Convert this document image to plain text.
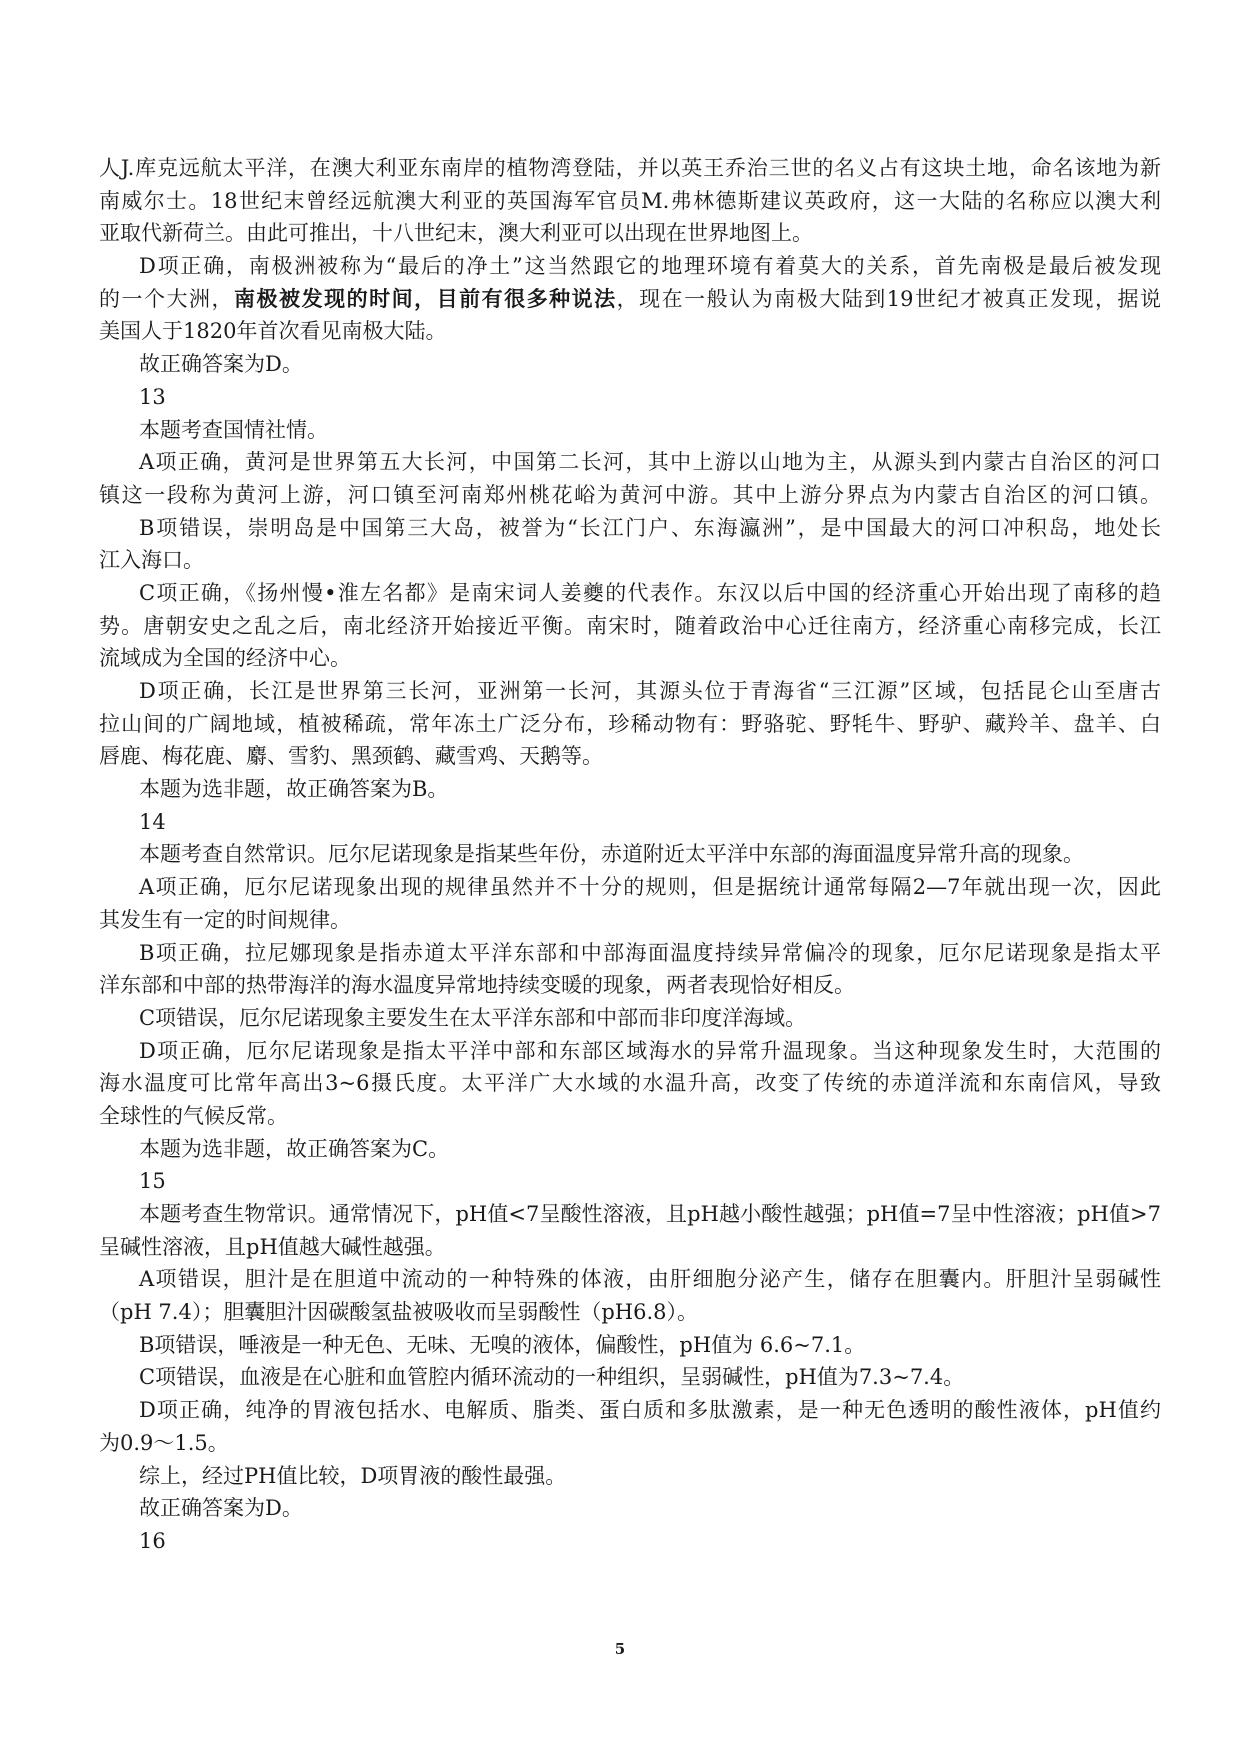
人J.库克远航太平洋，在澳大利亚东南岸的植物湾登陆，并以英王乔治三世的名义占有这块土地，命名该地为新
南威尔士。18世纪末曾经远航澳大利亚的英国海军官员M.弗林德斯建议英政府，这一大陆的名称应以澳大利
亚取代新荷兰。由此可推出，十八世纪末，澳大利亚可以出现在世界地图上。
D项正确，南极洲被称为“最后的净土”这当然跟它的地理环境有着莫大的关系，首先南极是最后被发现
的一个大洲，南极被发现的时间，目前有很多种说法，现在一般认为南极大陆到19世纪才被真正发现，据说
美国人于1820年首次看见南极大陆。
故正确答案为D。
13
本题考查国情社情。
A项正确，黄河是世界第五大长河，中国第二长河，其中上游以山地为主，从源头到内蒙古自治区的河口
镇这一段称为黄河上游，河口镇至河南郑州桃花峪为黄河中游。其中上游分界点为内蒙古自治区的河口镇。
B项错误，崇明岛是中国第三大岛，被誉为“长江门户、东海瀛洲”，是中国最大的河口冲积岛，地处长
江入海口。
C项正确，《扬州慢•淮左名都》是南宋词人姜夔的代表作。东汉以后中国的经济重心开始出现了南移的趋
势。唐朝安史之乱之后，南北经济开始接近平衡。南宋时，随着政治中心迁往南方，经济重心南移完成，长江
流域成为全国的经济中心。
D项正确，长江是世界第三长河，亚洲第一长河，其源头位于青海省“三江源”区域，包括昆仑山至唐古
拉山间的广阔地域，植被稀疏，常年冻土广泛分布，珍稀动物有：野骆驼、野牦牛、野驴、藏羚羊、盘羊、白
唇鹿、梅花鹿、麝、雪豹、黑颈鹤、藏雪鸡、天鹅等。
本题为选非题，故正确答案为B。
14
本题考查自然常识。厄尔尼诺现象是指某些年份，赤道附近太平洋中东部的海面温度异常升高的现象。
A项正确，厄尔尼诺现象出现的规律虽然并不十分的规则，但是据统计通常每隔2—7年就出现一次，因此
其发生有一定的时间规律。
B项正确，拉尼娜现象是指赤道太平洋东部和中部海面温度持续异常偏冷的现象，厄尔尼诺现象是指太平
洋东部和中部的热带海洋的海水温度异常地持续变暖的现象，两者表现恰好相反。
C项错误，厄尔尼诺现象主要发生在太平洋东部和中部而非印度洋海域。
D项正确，厄尔尼诺现象是指太平洋中部和东部区域海水的异常升温现象。当这种现象发生时，大范围的
海水温度可比常年高出3~6摄氏度。太平洋广大水域的水温升高，改变了传统的赤道洋流和东南信风，导致
全球性的气候反常。
本题为选非题，故正确答案为C。
15
本题考查生物常识。通常情况下，pH值<7呈酸性溶液，且pH越小酸性越强；pH值=7呈中性溶液；pH值>7
呈碱性溶液，且pH值越大碱性越强。
A项错误，胆汁是在胆道中流动的一种特殊的体液，由肝细胞分泌产生，储存在胆囊内。肝胆汁呈弱碱性
（pH 7.4）；胆囊胆汁因碳酸氢盐被吸收而呈弱酸性（pH6.8）。
B项错误，唾液是一种无色、无味、无嗅的液体，偏酸性，pH值为 6.6~7.1。
C项错误，血液是在心脏和血管腔内循环流动的一种组织，呈弱碱性，pH值为7.3~7.4。
D项正确，纯净的胃液包括水、电解质、脂类、蛋白质和多肽激素，是一种无色透明的酸性液体，pH值约
为0.9～1.5。
综上，经过PH值比较，D项胃液的酸性最强。
故正确答案为D。
16
5
